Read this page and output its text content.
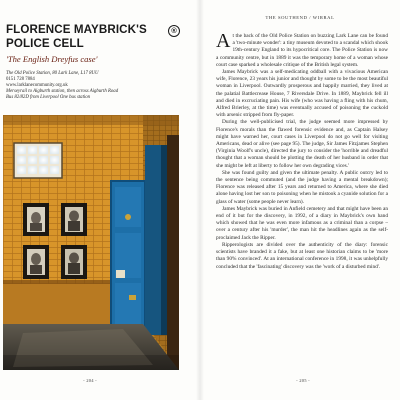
FLORENCE MAYBRICK'S POLICE CELL
®
'The English Dreyfus case'
The Old Police Station, 80 Lark Lane, L17 8UU
0151 728 7884
www.larklanecommunity.org.uk
Merseyrail to Aigburth station, then across Aigburth Road
Bus 82/82D from Liverpool One bus station
- 204 -
THE SOUTHEND / WIRRAL

At the back of the Old Police Station on buzzing Lark Lane can be found a 'two-minute wonder': a tiny museum devoted to a scandal which shook 19th-century England to its hypocritical core. The Police Station is now a community centre, but in 1889 it was the temporary home of a woman whose court case sparked a wholesale critique of the British legal system.

James Maybrick was a self-medicating oddball with a vivacious American wife, Florence, 23 years his junior and thought by some to be the most beautiful woman in Liverpool. Outwardly prosperous and happily married, they lived at the palatial Battlecrease House, 7 Riversdale Drive. In 1889, Maybrick fell ill and died in excruciating pain. His wife (who was having a fling with his chum, Alfred Brierley, at the time) was eventually accused of poisoning the cuckold with arsenic stripped from fly-paper.

During the well-publicised trial, the judge seemed more impressed by Florence's morals than the flawed forensic evidence and, as Captain Halsey might have warned her, court cases in Liverpool do not go well for visiting Americans, dead or alive (see page 95). The judge, Sir James Fitzjames Stephen (Virginia Woolf's uncle), directed the jury to consider the 'horrible and dreadful thought that a woman should be plotting the death of her husband in order that she might be left at liberty to follow her own degrading vices.'

She was found guilty and given the ultimate penalty. A public outcry led to the sentence being commuted (and the judge having a mental breakdown); Florence was released after 15 years and returned to America, where she died alone having lost her son to poisoning when he mistook a cyanide solution for a glass of water (some people never learn).

James Maybrick was buried in Anfield cemetery and that might have been an end of it but for the discovery, in 1992, of a diary in Maybrick's own hand which showed that he was even more infamous as a criminal than a corpse – over a century after his 'murder', the man hit the headlines again as the self-proclaimed Jack the Ripper.

Ripperologists are divided over the authenticity of the diary: forensic scientists have branded it a fake, but at least one historian claims to be 'more than 90% convinced'. At an international conference in 1998, it was unhelpfully concluded that the 'fascinating' discovery was the 'work of a disturbed mind'.

- 205 -
